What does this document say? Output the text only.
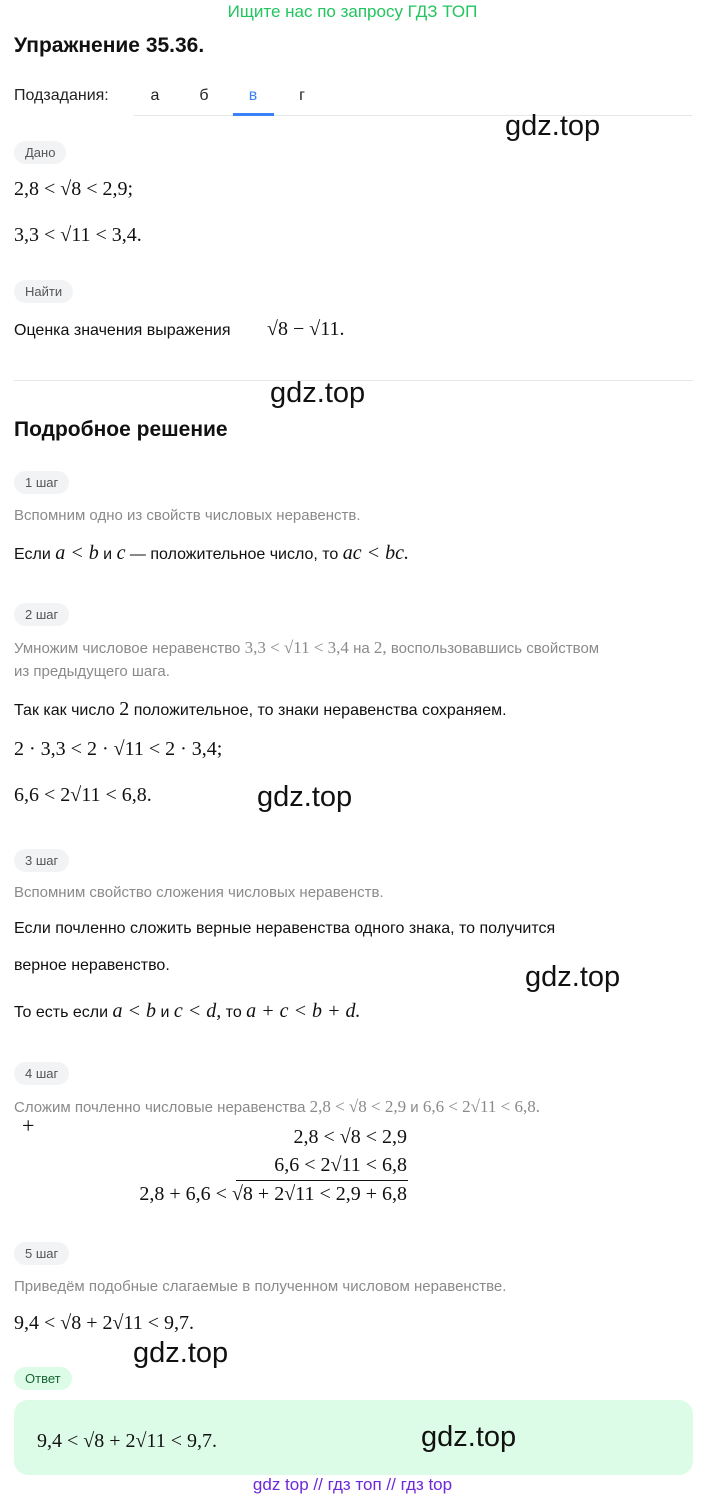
Ищите нас по запросу ГДЗ ТОП
Упражнение 35.36.
Подзадания:	а	б	в	г
gdz.top
Дано
2,8 < √8 < 2,9;
3,3 < √11 < 3,4.
Найти
Оценка значения выражения √8 − √11.
gdz.top
Подробное решение
1 шаг
Вспомним одно из свойств числовых неравенств.
Если a < b и c — положительное число, то ac < bc.
2 шаг
Умножим числовое неравенство 3,3 < √11 < 3,4 на 2, воспользовавшись свойством
из предыдущего шага.
Так как число 2 положительное, то знаки неравенства сохраняем.
2 · 3,3 < 2 · √11 < 2 · 3,4;
6,6 < 2√11 < 6,8.	gdz.top
3 шаг
Вспомним свойство сложения числовых неравенств.
Если почленно сложить верные неравенства одного знака, то получится
верное неравенство.	gdz.top
То есть если a < b и c < d, то a + c < b + d.
4 шаг
Сложим почленно числовые неравенства 2,8 < √8 < 2,9 и 6,6 < 2√11 < 6,8.
+	2,8 < √8 < 2,9
6,6 < 2√11 < 6,8
2,8 + 6,6 < √8 + 2√11 < 2,9 + 6,8
5 шаг
Приведём подобные слагаемые в полученном числовом неравенстве.
9,4 < √8 + 2√11 < 9,7.
gdz.top
Ответ
9,4 < √8 + 2√11 < 9,7.	gdz.top
gdz top // гдз топ // гдз top
